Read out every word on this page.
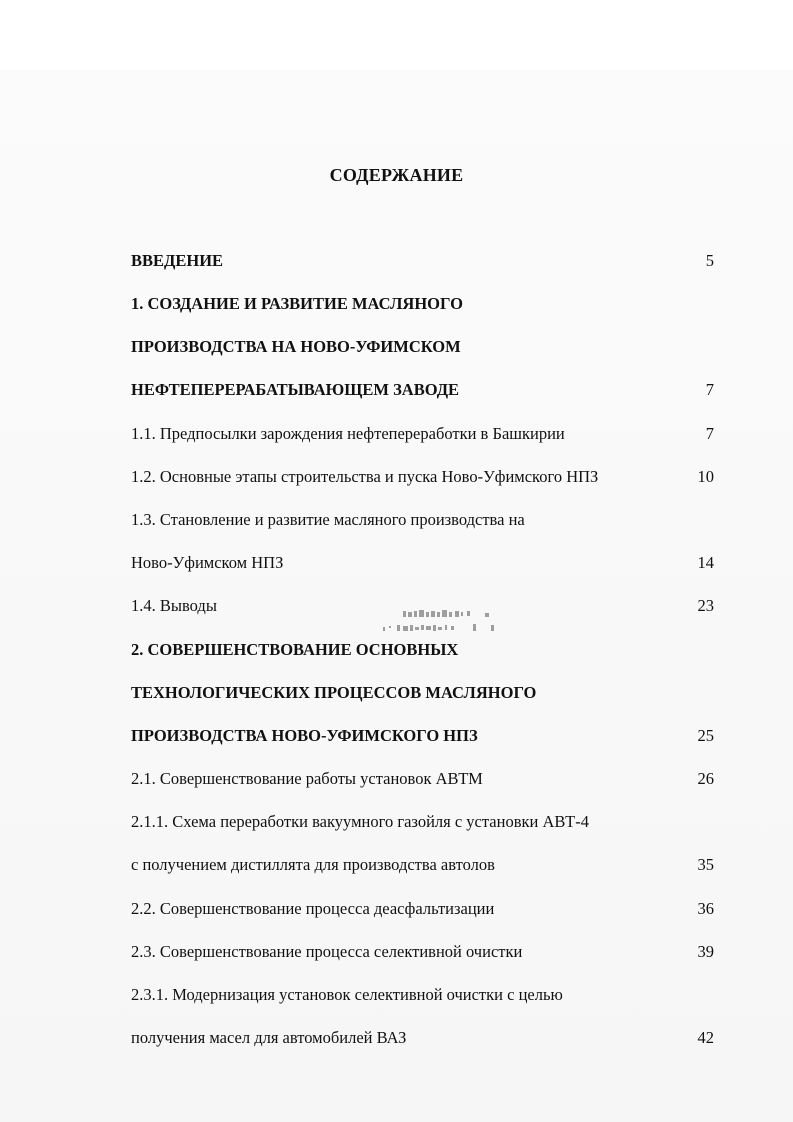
СОДЕРЖАНИЕ
ВВЕДЕНИЕ	5
1. СОЗДАНИЕ И РАЗВИТИЕ МАСЛЯНОГО
ПРОИЗВОДСТВА НА НОВО-УФИМСКОМ
НЕФТЕПЕРЕРАБАТЫВАЮЩЕМ ЗАВОДЕ	7
1.1. Предпосылки зарождения нефтепереработки в Башкирии	7
1.2. Основные этапы строительства и пуска Ново-Уфимского НПЗ	10
1.3. Становление и развитие масляного производства на
Ново-Уфимском НПЗ	14
1.4. Выводы	23
2. СОВЕРШЕНСТВОВАНИЕ ОСНОВНЫХ
ТЕХНОЛОГИЧЕСКИХ ПРОЦЕССОВ МАСЛЯНОГО
ПРОИЗВОДСТВА НОВО-УФИМСКОГО НПЗ	25
2.1. Совершенствование работы установок АВТМ	26
2.1.1. Схема переработки вакуумного газойля с установки АВТ-4
с получением дистиллята для производства автолов	35
2.2. Совершенствование процесса деасфальтизации	36
2.3. Совершенствование процесса селективной очистки	39
2.3.1. Модернизация установок селективной очистки с целью
получения масел для автомобилей ВАЗ	42
